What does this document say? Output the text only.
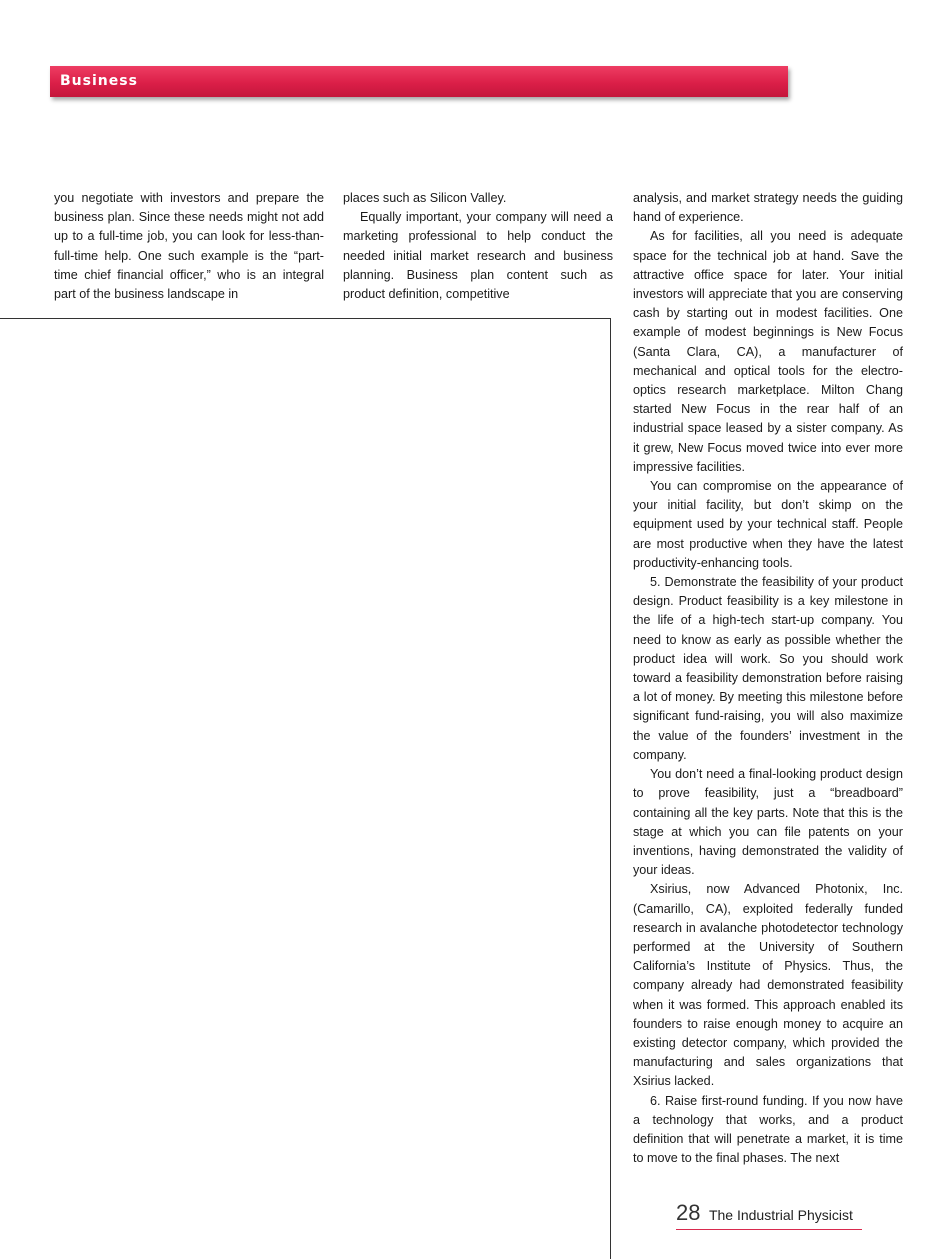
Business

you negotiate with investors and prepare the business plan. Since these needs might not add up to a full-time job, you can look for less-than-full-time help. One such example is the “part-time chief financial officer,” who is an integral part of the business landscape in

places such as Silicon Valley.

Equally important, your company will need a marketing professional to help conduct the needed initial market research and business planning. Business plan content such as product definition, competitive

analysis, and market strategy needs the guiding hand of experience.

As for facilities, all you need is adequate space for the technical job at hand. Save the attractive office space for later. Your initial investors will appreciate that you are conserving cash by starting out in modest facilities. One example of modest beginnings is New Focus (Santa Clara, CA), a manufacturer of mechanical and optical tools for the electro-optics research marketplace. Milton Chang started New Focus in the rear half of an industrial space leased by a sister company. As it grew, New Focus moved twice into ever more impressive facilities.

You can compromise on the appearance of your initial facility, but don’t skimp on the equipment used by your technical staff. People are most productive when they have the latest productivity-enhancing tools.

5. Demonstrate the feasibility of your product design. Product feasibility is a key milestone in the life of a high-tech start-up company. You need to know as early as possible whether the product idea will work. So you should work toward a feasibility demonstration before raising a lot of money. By meeting this milestone before significant fund-raising, you will also maximize the value of the founders’ investment in the company.

You don’t need a final-looking product design to prove feasibility, just a “breadboard” containing all the key parts. Note that this is the stage at which you can file patents on your inventions, having demonstrated the validity of your ideas.

Xsirius, now Advanced Photonix, Inc. (Camarillo, CA), exploited federally funded research in avalanche photodetector technology performed at the University of Southern California’s Institute of Physics. Thus, the company already had demonstrated feasibility when it was formed. This approach enabled its founders to raise enough money to acquire an existing detector company, which provided the manufacturing and sales organizations that Xsirius lacked.

6. Raise first-round funding. If you now have a technology that works, and a product definition that will penetrate a market, it is time to move to the final phases. The next

28 The Industrial Physicist
